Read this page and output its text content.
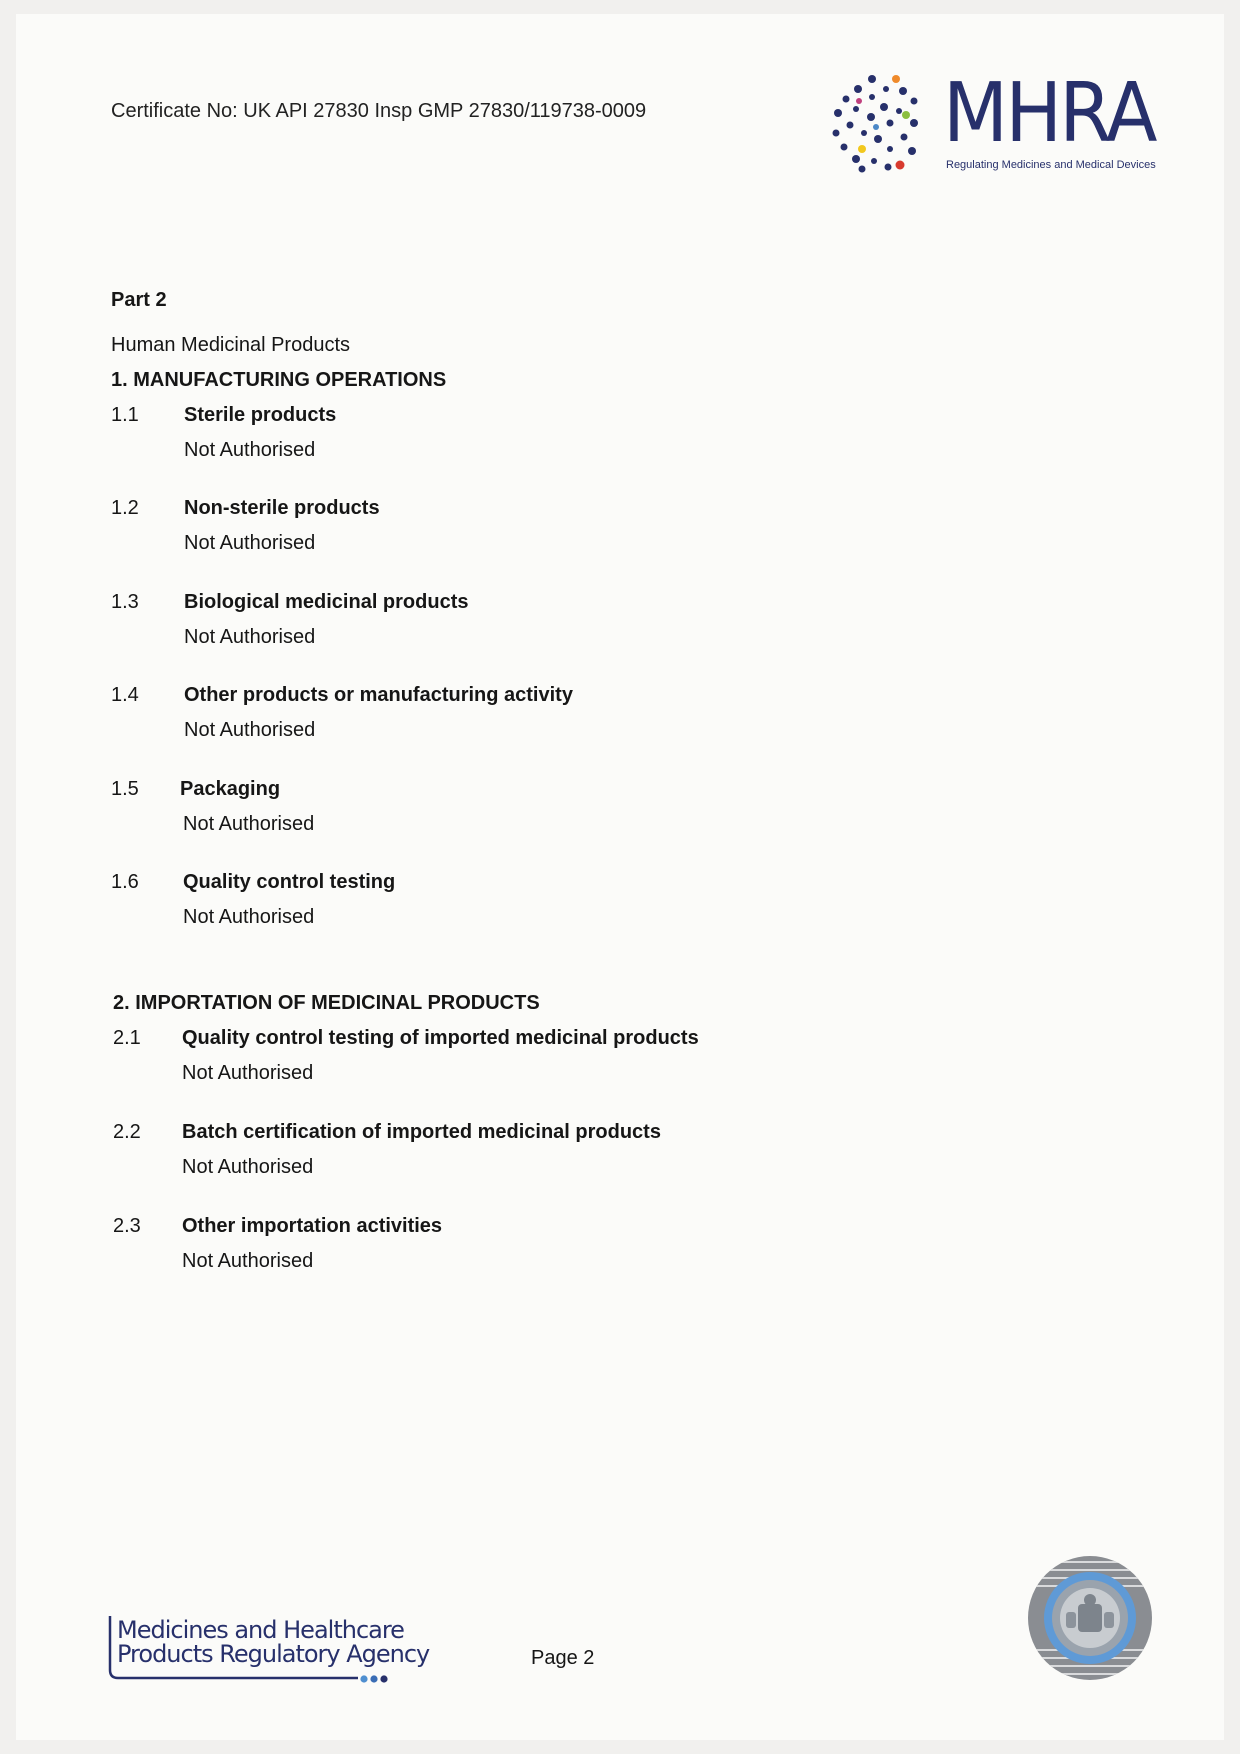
Certificate No: UK API 27830 Insp GMP 27830/119738-0009	MHRA
Regulating Medicines and Medical Devices
Part 2
Human Medicinal Products
1. MANUFACTURING OPERATIONS
1.1 Sterile products
Not Authorised
1.2 Non-sterile products
Not Authorised
1.3 Biological medicinal products
Not Authorised
1.4 Other products or manufacturing activity
Not Authorised
1.5 Packaging
Not Authorised
1.6 Quality control testing
Not Authorised
2. IMPORTATION OF MEDICINAL PRODUCTS
2.1 Quality control testing of imported medicinal products
Not Authorised
2.2 Batch certification of imported medicinal products
Not Authorised
2.3 Other importation activities
Not Authorised
Medicines and Healthcare
Products Regulatory Agency	Page 2
